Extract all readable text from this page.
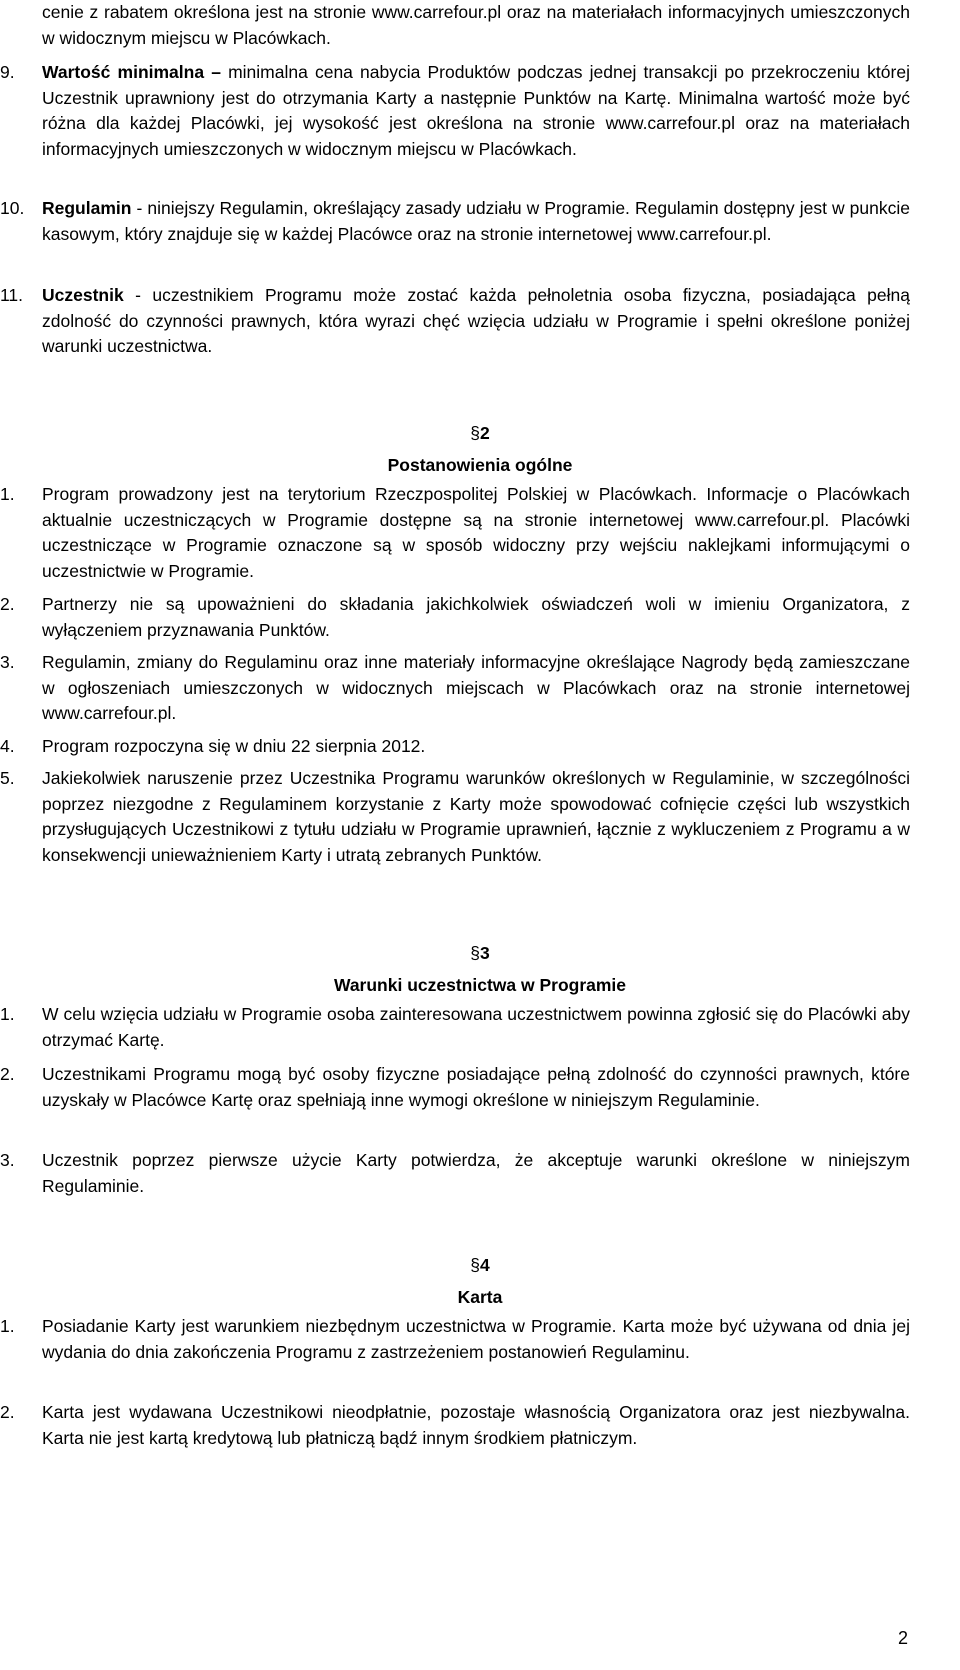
cenie z rabatem określona jest na stronie www.carrefour.pl oraz na materiałach informacyjnych umieszczonych w widocznym miejscu w Placówkach.

9. Wartość minimalna – minimalna cena nabycia Produktów podczas jednej transakcji po przekroczeniu której Uczestnik uprawniony jest do otrzymania Karty a następnie Punktów na Kartę. Minimalna wartość może być różna dla każdej Placówki, jej wysokość jest określona na stronie www.carrefour.pl oraz na materiałach informacyjnych umieszczonych w widocznym miejscu w Placówkach.
10. Regulamin - niniejszy Regulamin, określający zasady udziału w Programie. Regulamin dostępny jest w punkcie kasowym, który znajduje się w każdej Placówce oraz na stronie internetowej www.carrefour.pl.
11. Uczestnik - uczestnikiem Programu może zostać każda pełnoletnia osoba fizyczna, posiadająca pełną zdolność do czynności prawnych, która wyrazi chęć wzięcia udziału w Programie i spełni określone poniżej warunki uczestnictwa.
§2
Postanowienia ogólne
1. Program prowadzony jest na terytorium Rzeczpospolitej Polskiej w Placówkach. Informacje o Placówkach aktualnie uczestniczących w Programie dostępne są na stronie internetowej www.carrefour.pl. Placówki uczestniczące w Programie oznaczone są w sposób widoczny przy wejściu naklejkami informującymi o uczestnictwie w Programie.
2. Partnerzy nie są upoważnieni do składania jakichkolwiek oświadczeń woli w imieniu Organizatora, z wyłączeniem przyznawania Punktów.
3. Regulamin, zmiany do Regulaminu oraz inne materiały informacyjne określające Nagrody będą zamieszczane w ogłoszeniach umieszczonych w widocznych miejscach w Placówkach oraz na stronie internetowej www.carrefour.pl.
4. Program rozpoczyna się w dniu 22 sierpnia 2012.
5. Jakiekolwiek naruszenie przez Uczestnika Programu warunków określonych w Regulaminie, w szczególności poprzez niezgodne z Regulaminem korzystanie z Karty może spowodować cofnięcie części lub wszystkich przysługujących Uczestnikowi z tytułu udziału w Programie uprawnień, łącznie z wykluczeniem z Programu a w konsekwencji unieważnieniem Karty i utratą zebranych Punktów.
§3
Warunki uczestnictwa w Programie
1. W celu wzięcia udziału w Programie osoba zainteresowana uczestnictwem powinna zgłosić się do Placówki aby otrzymać Kartę.
2. Uczestnikami Programu mogą być osoby fizyczne posiadające pełną zdolność do czynności prawnych, które uzyskały w Placówce Kartę oraz spełniają inne wymogi określone w niniejszym Regulaminie.
3. Uczestnik poprzez pierwsze użycie Karty potwierdza, że akceptuje warunki określone w niniejszym Regulaminie.
§4
Karta
1. Posiadanie Karty jest warunkiem niezbędnym uczestnictwa w Programie. Karta może być używana od dnia jej wydania do dnia zakończenia Programu z zastrzeżeniem postanowień Regulaminu.
2. Karta jest wydawana Uczestnikowi nieodpłatnie, pozostaje własnością Organizatora oraz jest niezbywalna. Karta nie jest kartą kredytową lub płatniczą bądź innym środkiem płatniczym.
2
